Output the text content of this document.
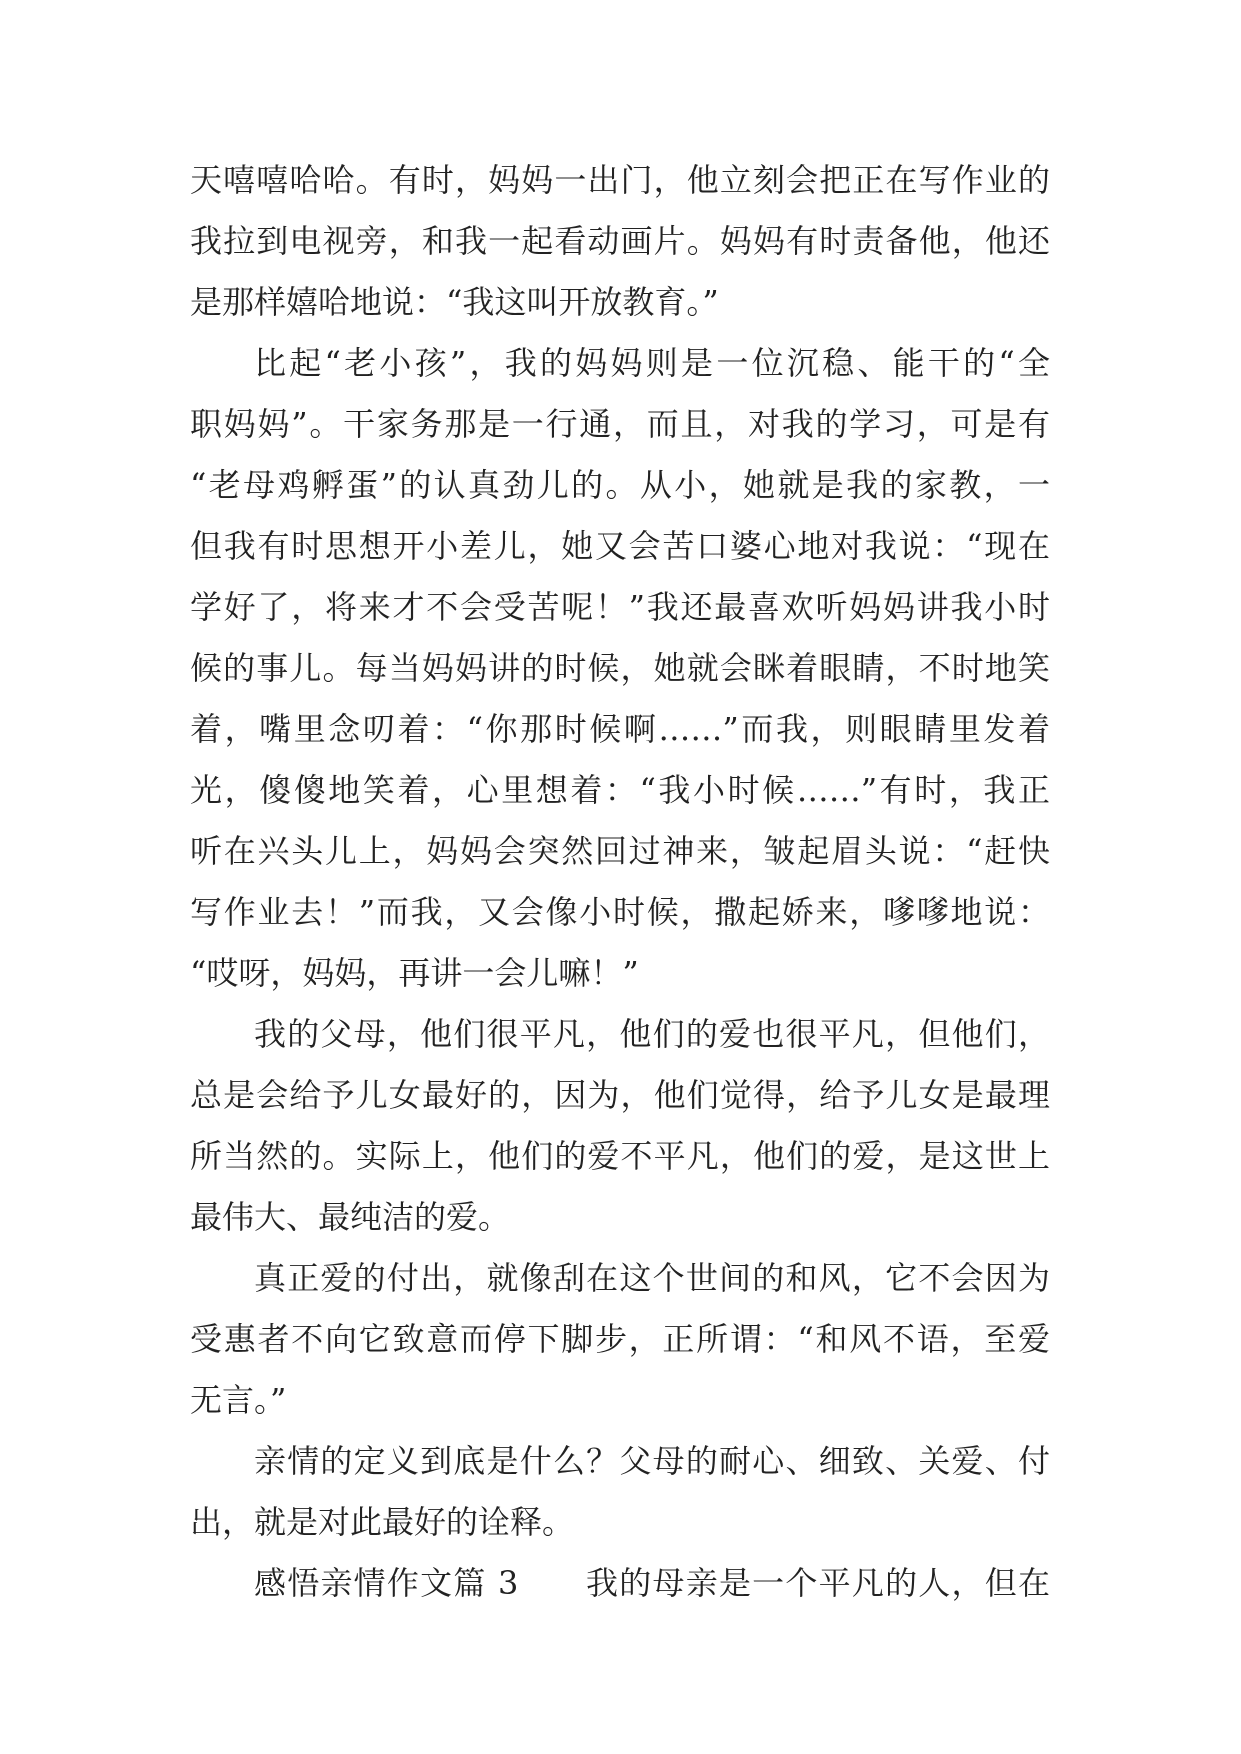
天嘻嘻哈哈。有时，妈妈一出门，他立刻会把正在写作业的
我拉到电视旁，和我一起看动画片。妈妈有时责备他，他还
是那样嬉哈地说：“我这叫开放教育。”
比起“老小孩”，我的妈妈则是一位沉稳、能干的“全
职妈妈”。干家务那是一行通，而且，对我的学习，可是有
“老母鸡孵蛋”的认真劲儿的。从小，她就是我的家教，一
但我有时思想开小差儿，她又会苦口婆心地对我说：“现在
学好了，将来才不会受苦呢！”我还最喜欢听妈妈讲我小时
候的事儿。每当妈妈讲的时候，她就会眯着眼睛，不时地笑
着，嘴里念叨着：“你那时候啊……”而我，则眼睛里发着
光，傻傻地笑着，心里想着：“我小时候……”有时，我正
听在兴头儿上，妈妈会突然回过神来，皱起眉头说：“赶快
写作业去！”而我，又会像小时候，撒起娇来，嗲嗲地说：
“哎呀，妈妈，再讲一会儿嘛！”
我的父母，他们很平凡，他们的爱也很平凡，但他们，
总是会给予儿女最好的，因为，他们觉得，给予儿女是最理
所当然的。实际上，他们的爱不平凡，他们的爱，是这世上
最伟大、最纯洁的爱。
真正爱的付出，就像刮在这个世间的和风，它不会因为
受惠者不向它致意而停下脚步，正所谓：“和风不语，至爱
无言。”
亲情的定义到底是什么？父母的耐心、细致、关爱、付
出，就是对此最好的诠释。
感悟亲情作文篇 3　　我的母亲是一个平凡的人，但在
